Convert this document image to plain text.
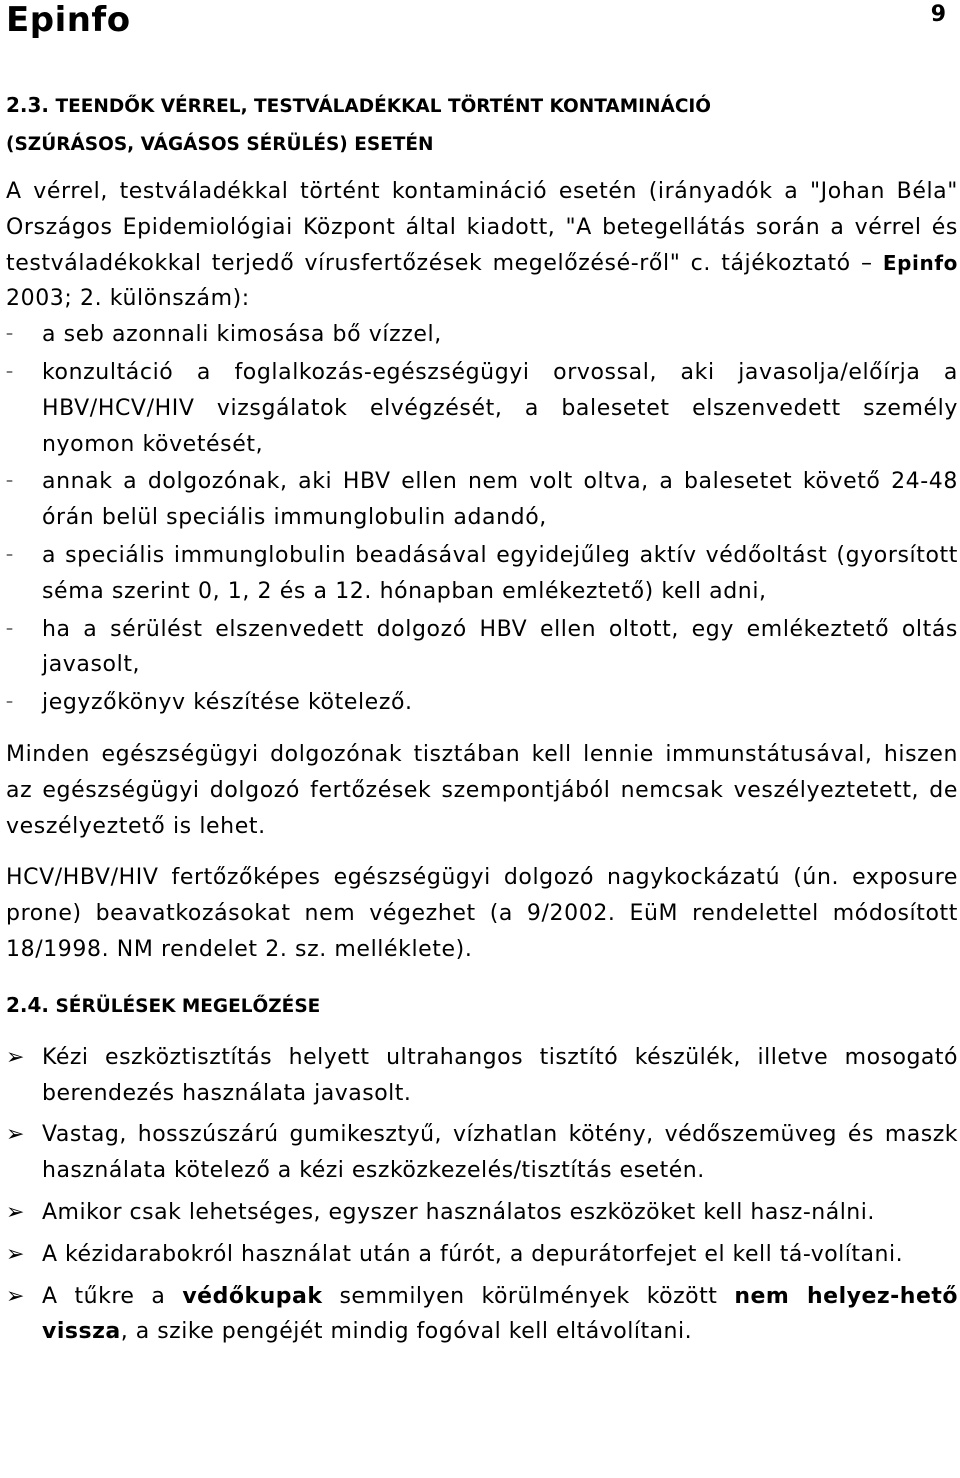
Epinfo	9

2.3. TEENDŐK VÉRREL, TESTVÁLADÉKKAL TÖRTÉNT KONTAMINÁCIÓ

(SZÚRÁSOS, VÁGÁSOS SÉRÜLÉS) ESETÉN

A vérrel, testváladékkal történt kontamináció esetén (irányadók a "Johan Béla" Országos Epidemiológiai Központ által kiadott, "A betegellátás során a vérrel és testváladékokkal terjedő vírusfertőzések megelőzésé-ről" c. tájékoztató – Epinfo 2003; 2. különszám):

– a seb azonnali kimosása bő vízzel,
– konzultáció a foglalkozás-egészségügyi orvossal, aki javasolja/előírja a HBV/HCV/HIV vizsgálatok elvégzését, a balesetet elszenvedett személy nyomon követését,
– annak a dolgozónak, aki HBV ellen nem volt oltva, a balesetet követő 24-48 órán belül speciális immunglobulin adandó,
– a speciális immunglobulin beadásával egyidejűleg aktív védőoltást (gyorsított séma szerint 0, 1, 2 és a 12. hónapban emlékeztető) kell adni,
– ha a sérülést elszenvedett dolgozó HBV ellen oltott, egy emlékeztető oltás javasolt,
– jegyzőkönyv készítése kötelező.

Minden egészségügyi dolgozónak tisztában kell lennie immunstátusával, hiszen az egészségügyi dolgozó fertőzések szempontjából nemcsak veszélyeztetett, de veszélyeztető is lehet.

HCV/HBV/HIV fertőzőképes egészségügyi dolgozó nagykockázatú (ún. exposure prone) beavatkozásokat nem végezhet (a 9/2002. EüM rendelettel módosított 18/1998. NM rendelet 2. sz. melléklete).

2.4. SÉRÜLÉSEK MEGELŐZÉSE

➢ Kézi eszköztisztítás helyett ultrahangos tisztító készülék, illetve mosogató berendezés használata javasolt.
➢ Vastag, hosszúszárú gumikesztyű, vízhatlan kötény, védőszemüveg és maszk használata kötelező a kézi eszközkezelés/tisztítás esetén.
➢ Amikor csak lehetséges, egyszer használatos eszközöket kell hasz-nálni.
➢ A kézidarabokról használat után a fúrót, a depurátorfejet el kell tá-volítani.
➢ A tűkre a védőkupak semmilyen körülmények között nem helyez-hető vissza, a szike pengéjét mindig fogóval kell eltávolítani.
